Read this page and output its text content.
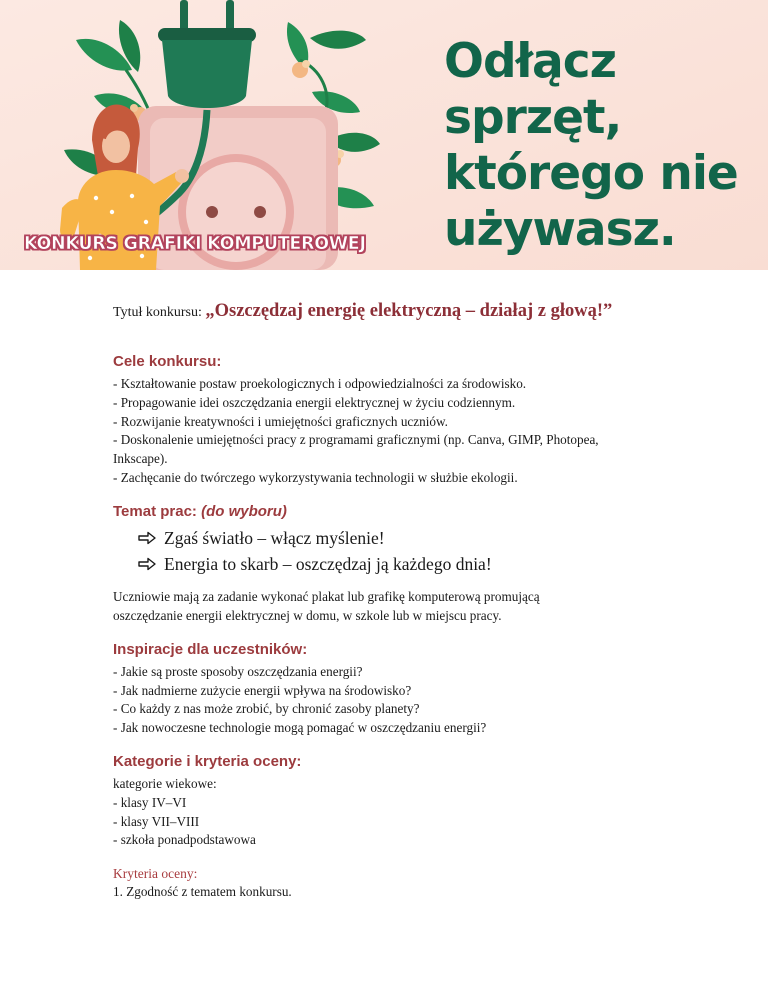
Odłącz
sprzęt,
którego nie
używasz.
KONKURS GRAFIKI KOMPUTEROWEJ

Tytuł konkursu: „Oszczędzaj energię elektryczną – działaj z głową!”

Cele konkursu:

- Kształtowanie postaw proekologicznych i odpowiedzialności za środowisko.

- Propagowanie idei oszczędzania energii elektrycznej w życiu codziennym.

- Rozwijanie kreatywności i umiejętności graficznych uczniów.

- Doskonalenie umiejętności pracy z programami graficznymi (np. Canva, GIMP, Photopea,

Inkscape).

- Zachęcanie do twórczego wykorzystywania technologii w służbie ekologii.

Temat prac: (do wyboru)
Zgaś światło – włącz myślenie!
Energia to skarb – oszczędzaj ją każdego dnia!
Uczniowie mają za zadanie wykonać plakat lub grafikę komputerową promującą
oszczędzanie energii elektrycznej w domu, w szkole lub w miejscu pracy.
Inspiracje dla uczestników:

- Jakie są proste sposoby oszczędzania energii?

- Jak nadmierne zużycie energii wpływa na środowisko?

- Co każdy z nas może zrobić, by chronić zasoby planety?

- Jak nowoczesne technologie mogą pomagać w oszczędzaniu energii?

Kategorie i kryteria oceny:

kategorie wiekowe:

- klasy IV–VI

- klasy VII–VIII

- szkoła ponadpodstawowa

Kryteria oceny:

1. Zgodność z tematem konkursu.
